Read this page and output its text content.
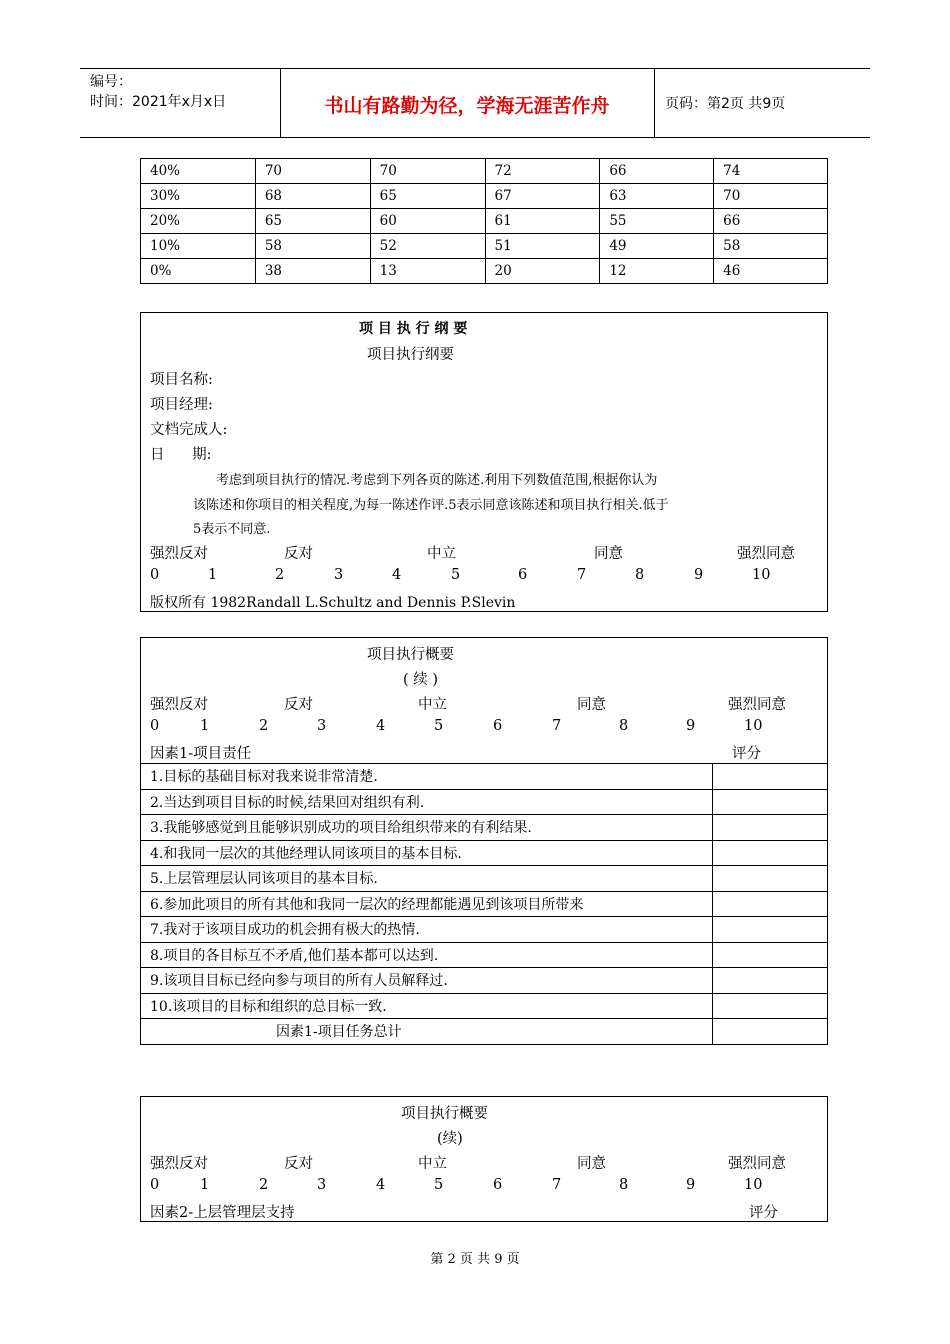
编号：
时间：2021年x月x日	书山有路勤为径，学海无涯苦作舟	页码：第2页 共9页
40%	70	70	72	66	74
30%	68	65	67	63	70
20%	65	60	61	55	66
10%	58	52	51	49	58
0%	38	13	20	12	46
项 目 执 行 纲 要
项目执行纲要
项目名称:
项目经理:
文档完成人:
日      期:
考虑到项目执行的情况.考虑到下列各页的陈述.利用下列数值范围,根据你认为
该陈述和你项目的相关程度,为每一陈述作评.5表示同意该陈述和项目执行相关.低于
5表示不同意.
强烈反对	反对	中立	同意	强烈同意
0	1	2	3	4	5	6	7	8	9	10
版权所有 1982Randall L.Schultz and Dennis P.Slevin
项目执行概要
( 续 )
强烈反对	反对	中立	同意	强烈同意
0	1	2	3	4	5	6	7	8	9	10
因素1-项目责任	评分
1.目标的基础目标对我来说非常清楚.	
2.当达到项目目标的时候,结果回对组织有利.	
3.我能够感觉到且能够识别成功的项目给组织带来的有利结果.	
4.和我同一层次的其他经理认同该项目的基本目标.	
5.上层管理层认同该项目的基本目标.	
6.参加此项目的所有其他和我同一层次的经理都能遇见到该项目所带来	
7.我对于该项目成功的机会拥有极大的热情.	
8.项目的各目标互不矛盾,他们基本都可以达到.	
9.该项目目标已经向参与项目的所有人员解释过.	
10.该项目的目标和组织的总目标一致.	
因素1-项目任务总计	
项目执行概要
(续)
强烈反对	反对	中立	同意	强烈同意
0	1	2	3	4	5	6	7	8	9	10
因素2-上层管理层支持	评分
第 2 页 共 9 页
